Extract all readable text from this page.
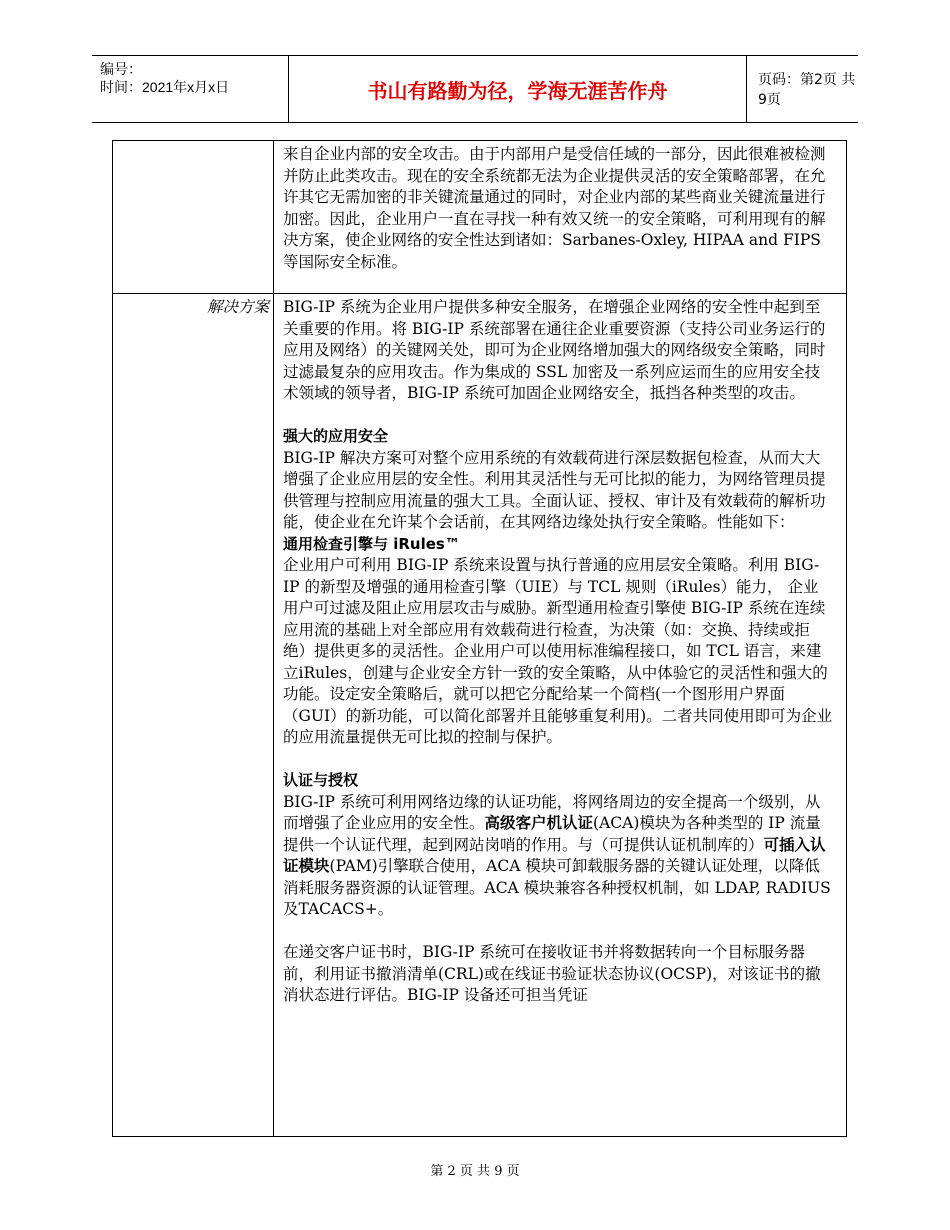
编号：
时间：2021年x月x日	书山有路勤为径，学海无涯苦作舟	页码：第2页 共9页

来自企业内部的安全攻击。由于内部用户是受信任域的一部分，因此很难被检测并防止此类攻击。现在的安全系统都无法为企业提供灵活的安全策略部署，在允许其它无需加密的非关键流量通过的同时，对企业内部的某些商业关键流量进行加密。因此，企业用户一直在寻找一种有效又统一的安全策略，可利用现有的解决方案，使企业网络的安全性达到诸如：Sarbanes-Oxley, HIPAA and FIPS 等国际安全标准。

解决方案 BIG-IP 系统为企业用户提供多种安全服务，在增强企业网络的安全性中起到至关重要的作用。将 BIG-IP 系统部署在通往企业重要资源（支持公司业务运行的应用及网络）的关键网关处，即可为企业网络增加强大的网络级安全策略，同时过滤最复杂的应用攻击。作为集成的 SSL 加密及一系列应运而生的应用安全技术领域的领导者，BIG-IP 系统可加固企业网络安全，抵挡各种类型的攻击。

强大的应用安全

BIG-IP 解决方案可对整个应用系统的有效载荷进行深层数据包检查，从而大大增强了企业应用层的安全性。利用其灵活性与无可比拟的能力，为网络管理员提供管理与控制应用流量的强大工具。全面认证、授权、审计及有效载荷的解析功能，使企业在允许某个会话前，在其网络边缘处执行安全策略。性能如下：

通用检查引擎与 iRules™

企业用户可利用 BIG-IP 系统来设置与执行普通的应用层安全策略。利用 BIG-IP 的新型及增强的通用检查引擎（UIE）与 TCL 规则（iRules）能力， 企业用户可过滤及阻止应用层攻击与威胁。新型通用检查引擎使 BIG-IP 系统在连续应用流的基础上对全部应用有效载荷进行检查，为决策（如：交换、持续或拒绝）提供更多的灵活性。企业用户可以使用标准编程接口，如 TCL 语言，来建立iRules，创建与企业安全方针一致的安全策略，从中体验它的灵活性和强大的功能。设定安全策略后，就可以把它分配给某一个简档(一个图形用户界面（GUI）的新功能，可以简化部署并且能够重复利用)。二者共同使用即可为企业的应用流量提供无可比拟的控制与保护。

认证与授权

BIG-IP 系统可利用网络边缘的认证功能，将网络周边的安全提高一个级别，从而增强了企业应用的安全性。高级客户机认证(ACA)模块为各种类型的 IP 流量提供一个认证代理，起到网站岗哨的作用。与（可提供认证机制库的）可插入认证模块(PAM)引擎联合使用，ACA 模块可卸载服务器的关键认证处理，以降低消耗服务器资源的认证管理。ACA 模块兼容各种授权机制，如 LDAP, RADIUS 及TACACS+。

在递交客户证书时，BIG-IP 系统可在接收证书并将数据转向一个目标服务器前，利用证书撤消清单(CRL)或在线证书验证状态协议(OCSP)，对该证书的撤消状态进行评估。BIG-IP 设备还可担当凭证

第 2 页 共 9 页
